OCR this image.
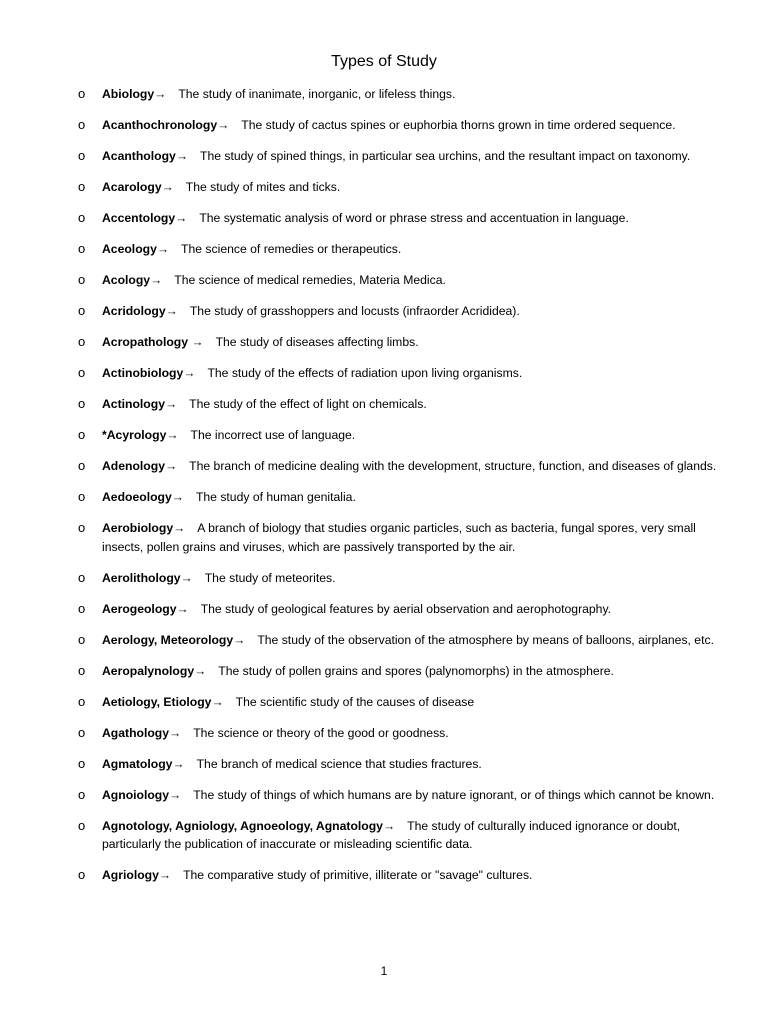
Types of Study
o Abiology→ The study of inanimate, inorganic, or lifeless things.
o Acanthochronology→ The study of cactus spines or euphorbia thorns grown in time ordered sequence.
o Acanthology→ The study of spined things, in particular sea urchins, and the resultant impact on taxonomy.
o Acarology→ The study of mites and ticks.
o Accentology→ The systematic analysis of word or phrase stress and accentuation in language.
o Aceology→ The science of remedies or therapeutics.
o Acology→ The science of medical remedies, Materia Medica.
o Acridology→ The study of grasshoppers and locusts (infraorder Acrididea).
o Acropathology → The study of diseases affecting limbs.
o Actinobiology→ The study of the effects of radiation upon living organisms.
o Actinology→ The study of the effect of light on chemicals.
o *Acyrology→ The incorrect use of language.
o Adenology→ The branch of medicine dealing with the development, structure, function, and diseases of glands.
o Aedoeology→ The study of human genitalia.
o Aerobiology→ A branch of biology that studies organic particles, such as bacteria, fungal spores, very small insects, pollen grains and viruses, which are passively transported by the air.
o Aerolithology→ The study of meteorites.
o Aerogeology→ The study of geological features by aerial observation and aerophotography.
o Aerology, Meteorology→ The study of the observation of the atmosphere by means of balloons, airplanes, etc.
o Aeropalynology→ The study of pollen grains and spores (palynomorphs) in the atmosphere.
o Aetiology, Etiology→ The scientific study of the causes of disease
o Agathology→ The science or theory of the good or goodness.
o Agmatology→ The branch of medical science that studies fractures.
o Agnoiology→ The study of things of which humans are by nature ignorant, or of things which cannot be known.
o Agnotology, Agniology, Agnoeology, Agnatology→ The study of culturally induced ignorance or doubt, particularly the publication of inaccurate or misleading scientific data.
o Agriology→ The comparative study of primitive, illiterate or "savage" cultures.
1
